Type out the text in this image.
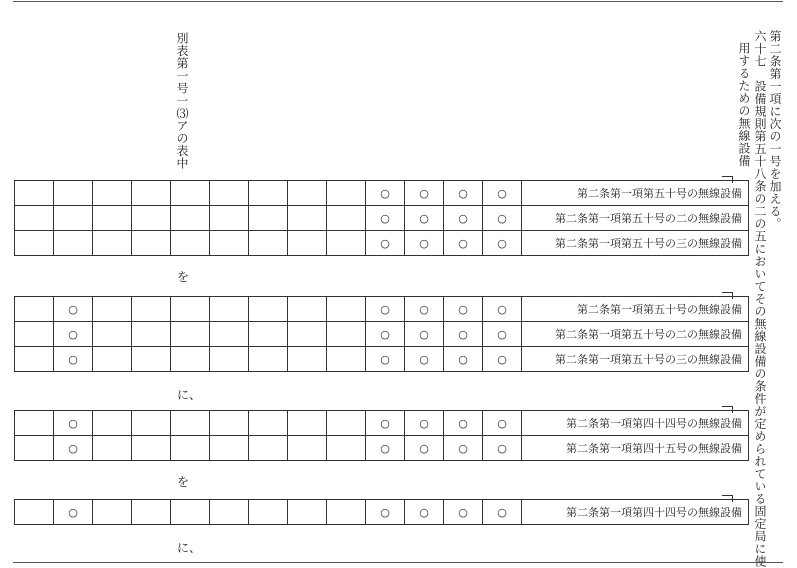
第二条第一項に次の一号を加える。
六十七　設備規則第五十八条の二の五においてその無線設備の条件が定められている固定局に使
用するための無線設備
別表第一号一⑶アの表中
									○	○	○	○	第二条第一項第五十号の無線設備
									○	○	○	○	第二条第一項第五十号の二の無線設備
									○	○	○	○	第二条第一項第五十号の三の無線設備
を
	○								○	○	○	○	第二条第一項第五十号の無線設備
	○								○	○	○	○	第二条第一項第五十号の二の無線設備
	○								○	○	○	○	第二条第一項第五十号の三の無線設備
に、
	○								○	○	○	○	第二条第一項第四十四号の無線設備
	○								○	○	○	○	第二条第一項第四十五号の無線設備
を
	○								○	○	○	○	第二条第一項第四十四号の無線設備
に、
